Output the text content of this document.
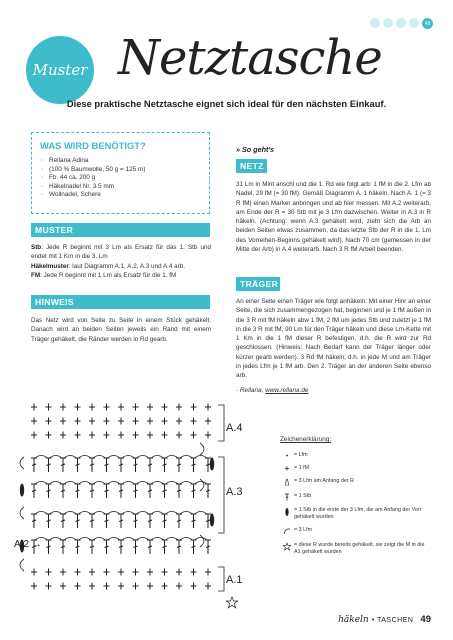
48
Muster Netztasche
Diese praktische Netztasche eignet sich ideal für den nächsten Einkauf.
WAS WIRD BENÖTIGT?
· Rellana Adina
· (100 % Baumwolle, 50 g = 125 m)
· Fb. 44 ca. 200 g
· Häkelnadel Nr. 3.5 mm
· Wollnadel, Schere
MUSTER

Stb: Jede R beginnt mit 3 Lm als Ersatz für das 1. Stb und endet mit 1 Km in die 3. Lm

Häkelmuster: laut Diagramm A.1, A.2, A.3 und A.4 arb.

FM: Jede R beginnt mit 1 Lm als Ersatz für die 1. fM

HINWEIS
Das Netz wird von Seite zu Seite in einem Stück gehäkelt. Danach wird an beiden Seiten jeweils ein Rand mit einem Träger gehäkelt, die Ränder werden in Rd gearb.
» So geht's
NETZ
31 Lm in Mint anschl und die 1. Rd wie folgt arb: 1 fM in die 2. Lfm ab Nadel, 29 fM (= 30 fM). Gemäß Diagramm A. 1 häkeln. Nach A. 1 (= 3 R fM) einen Marker anbringen und ab hier messen. Mit A.2 weiterarb, am Ende der R = 30 Stb mit je 3 Lfm dazwischen. Weiter in A.3 in R häkeln. (Achtung: wenn A.3 gehäkelt wird, zieht sich die Arb an beiden Seiten etwas zusammen, da das letzte Stb der R in die 1. Lm des Vorreihen-Beginns gehäkelt wird). Nach 70 cm (gemessen in der Mitte der Arb) in A.4 weiterarb. Nach 3 R fM Arbeit beenden.
TRÄGER
An einer Seite einen Träger wie folgt anhäkeln: Mit einer Hinr an einer Seite, die sich zusammengezogen hat, beginnen und je 1 fM außen in die 3 R mit fM häkeln abw 1 fM, 2 fM um jedes Stb und zuletzt je 1 fM in die 3 R mit fM, 90 Lm für den Träger häkeln und diese Lm-Kette mit 1 Km in die 1 fM dieser R befestigen, d.h. die R wird zur Rd geschlossen. (Hinweis: Nach Bedarf kann der Träger länger oder kürzer gearb werden). 3 Rd fM häkeln, d.h. in jede M und am Träger in jedes Lfm je 1 fM arb. Den 2. Träger an der anderen Seite ebenso arb.
· Rellana, www.rellana.de
A.4
A.3
A.2 →
A.1
Zeichenerklärung:
= Lfm
= 1 fM
= 3 Lfm am Anfang der R
= 1 Stb
= 1 Stb in die erste der 3 Lfm, die am Anfang der Vorr gehäkelt wurden
= 3 Lfm
= diese R wurde bereits gehäkelt, sie zeigt die M in die A1 gehäkelt wurden
häkeln • TASCHEN 49
